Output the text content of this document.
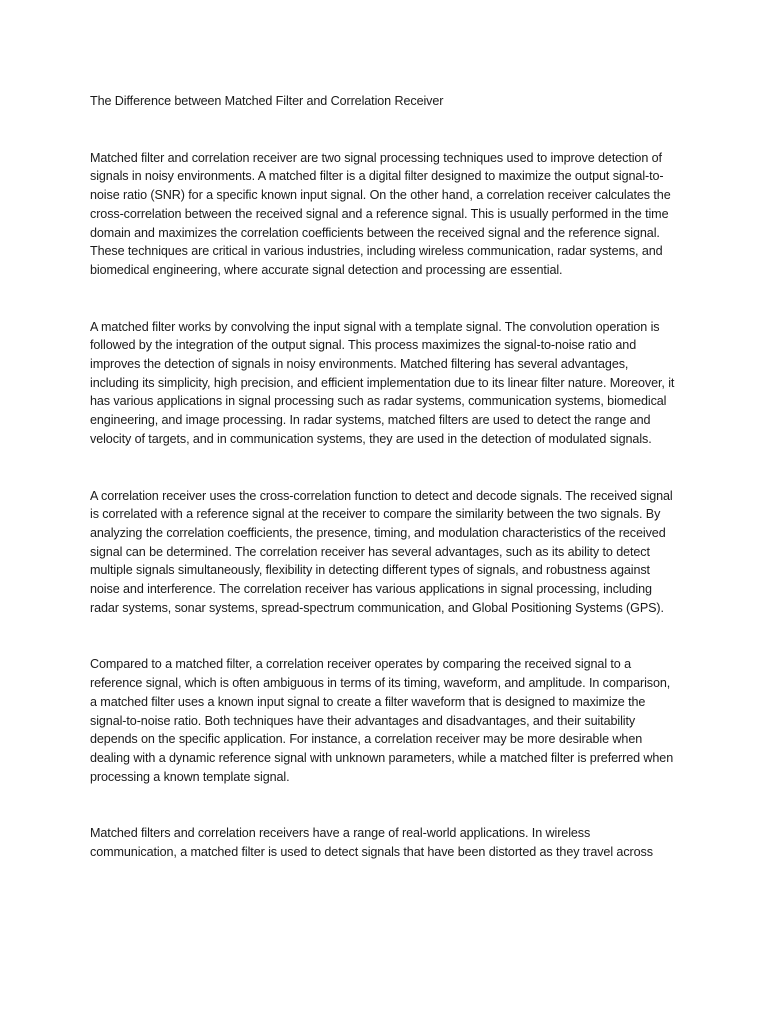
The Difference between Matched Filter and Correlation Receiver

Matched filter and correlation receiver are two signal processing techniques used to improve detection of signals in noisy environments. A matched filter is a digital filter designed to maximize the output signal-to-noise ratio (SNR) for a specific known input signal. On the other hand, a correlation receiver calculates the cross-correlation between the received signal and a reference signal. This is usually performed in the time domain and maximizes the correlation coefficients between the received signal and the reference signal. These techniques are critical in various industries, including wireless communication, radar systems, and biomedical engineering, where accurate signal detection and processing are essential.

A matched filter works by convolving the input signal with a template signal. The convolution operation is followed by the integration of the output signal. This process maximizes the signal-to-noise ratio and improves the detection of signals in noisy environments. Matched filtering has several advantages, including its simplicity, high precision, and efficient implementation due to its linear filter nature. Moreover, it has various applications in signal processing such as radar systems, communication systems, biomedical engineering, and image processing. In radar systems, matched filters are used to detect the range and velocity of targets, and in communication systems, they are used in the detection of modulated signals.

A correlation receiver uses the cross-correlation function to detect and decode signals. The received signal is correlated with a reference signal at the receiver to compare the similarity between the two signals. By analyzing the correlation coefficients, the presence, timing, and modulation characteristics of the received signal can be determined. The correlation receiver has several advantages, such as its ability to detect multiple signals simultaneously, flexibility in detecting different types of signals, and robustness against noise and interference. The correlation receiver has various applications in signal processing, including radar systems, sonar systems, spread-spectrum communication, and Global Positioning Systems (GPS).

Compared to a matched filter, a correlation receiver operates by comparing the received signal to a reference signal, which is often ambiguous in terms of its timing, waveform, and amplitude. In comparison, a matched filter uses a known input signal to create a filter waveform that is designed to maximize the signal-to-noise ratio. Both techniques have their advantages and disadvantages, and their suitability depends on the specific application. For instance, a correlation receiver may be more desirable when dealing with a dynamic reference signal with unknown parameters, while a matched filter is preferred when processing a known template signal.

Matched filters and correlation receivers have a range of real-world applications. In wireless communication, a matched filter is used to detect signals that have been distorted as they travel across
